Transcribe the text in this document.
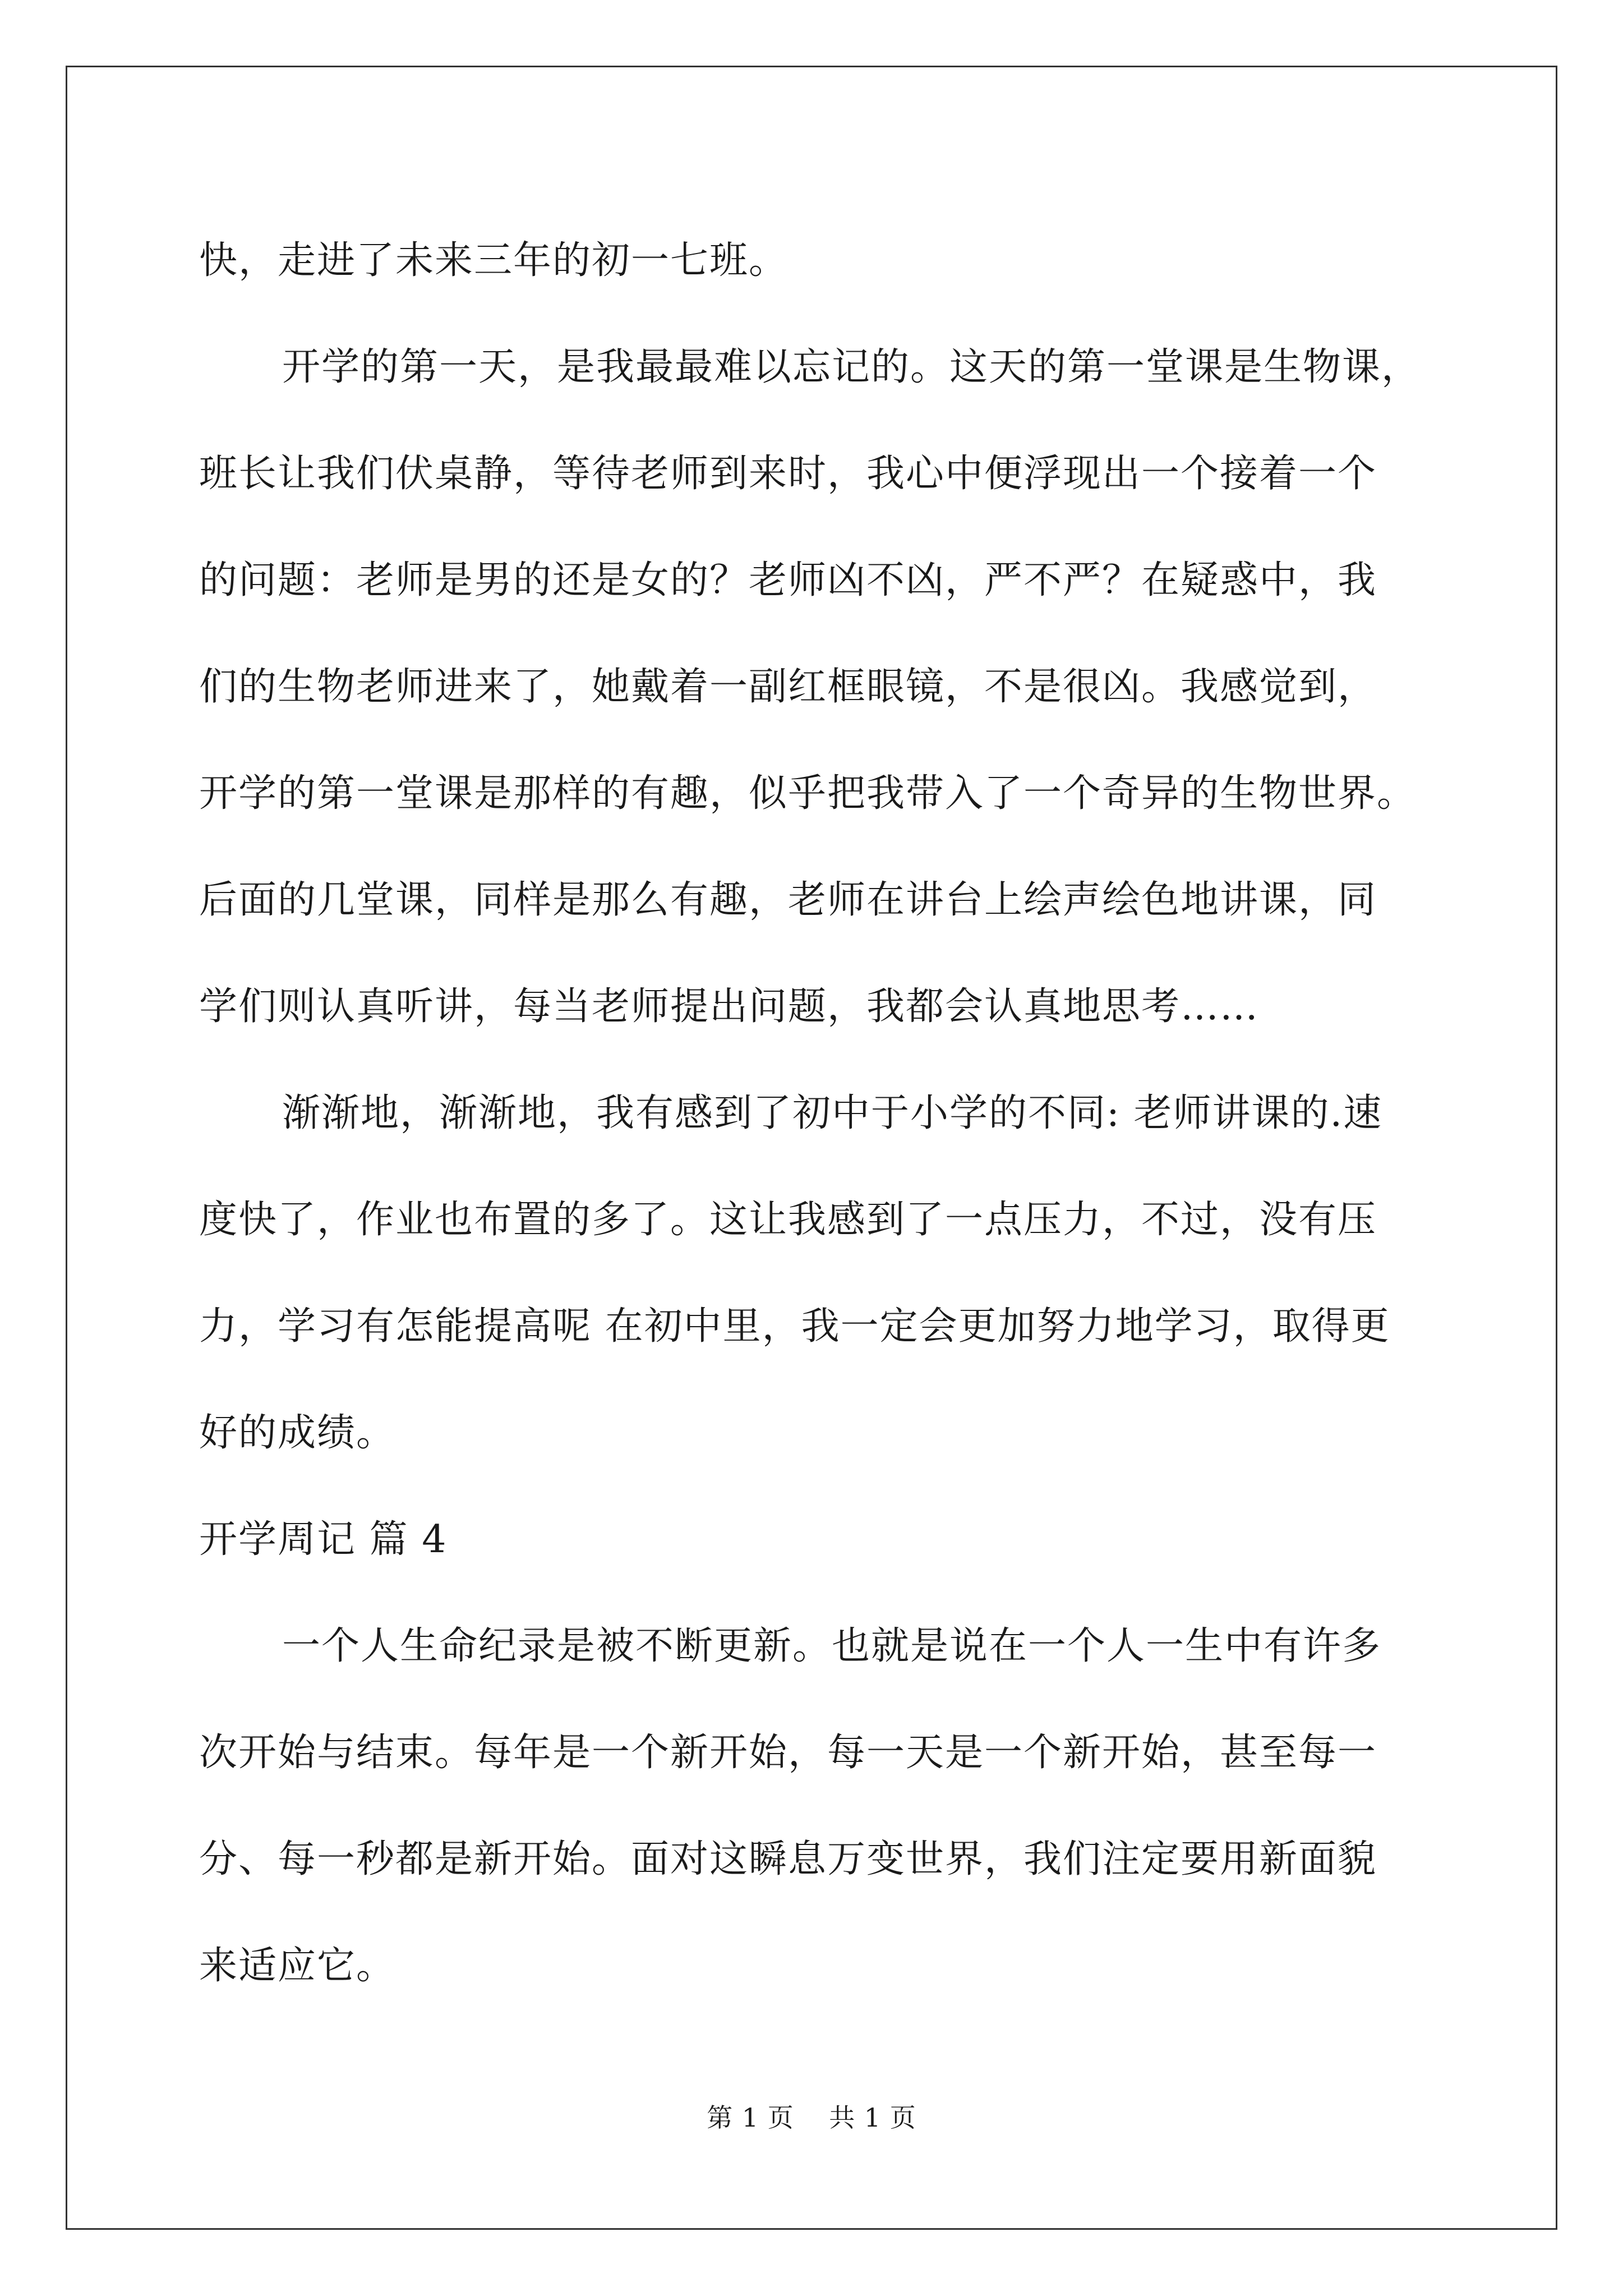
快，走进了未来三年的初一七班。
开学的第一天，是我最最难以忘记的。这天的第一堂课是生物课，
班长让我们伏桌静，等待老师到来时，我心中便浮现出一个接着一个
的问题：老师是男的还是女的？老师凶不凶，严不严？在疑惑中，我
们的生物老师进来了，她戴着一副红框眼镜，不是很凶。我感觉到，
开学的第一堂课是那样的有趣，似乎把我带入了一个奇异的生物世界。
后面的几堂课，同样是那么有趣，老师在讲台上绘声绘色地讲课，同
学们则认真听讲，每当老师提出问题，我都会认真地思考……
渐渐地，渐渐地，我有感到了初中于小学的不同: 老师讲课的.速
度快了，作业也布置的多了。这让我感到了一点压力，不过，没有压
力，学习有怎能提高呢 在初中里，我一定会更加努力地学习，取得更
好的成绩。
开学周记 篇 4
一个人生命纪录是被不断更新。也就是说在一个人一生中有许多
次开始与结束。每年是一个新开始，每一天是一个新开始，甚至每一
分、每一秒都是新开始。面对这瞬息万变世界，我们注定要用新面貌
来适应它。
第 1 页    共 1 页
